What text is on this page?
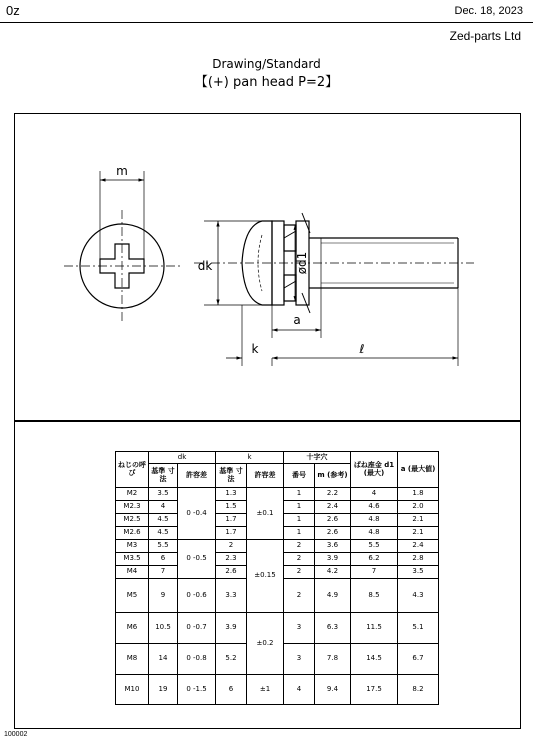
0z	Dec. 18, 2023
Zed-parts Ltd
Drawing/Standard
【(+) pan head P=2】
m
dk	ød1
a
k	ℓ
ねじの呼び	dk		k		十字穴		ばね座金 d1 (最大)	a (最大値)
	基準 寸法	許容差	基準 寸法	許容差	番号	m (参考)		
M2	3.5	0 -0.4	1.3	±0.1	1	2.2	4	1.8
M2.3	4		1.5		1	2.4	4.6	2.0
M2.5	4.5		1.7		1	2.6	4.8	2.1
M2.6	4.5		1.7		1	2.6	4.8	2.1
M3	5.5	0 -0.5	2	±0.15	2	3.6	5.5	2.4
M3.5	6		2.3		2	3.9	6.2	2.8
M4	7		2.6		2	4.2	7	3.5
M5	9	0 -0.6	3.3		2	4.9	8.5	4.3
M6	10.5	0 -0.7	3.9	±0.2	3	6.3	11.5	5.1
M8	14	0 -0.8	5.2		3	7.8	14.5	6.7
M10	19	0 -1.5	6	±1	4	9.4	17.5	8.2
100002
